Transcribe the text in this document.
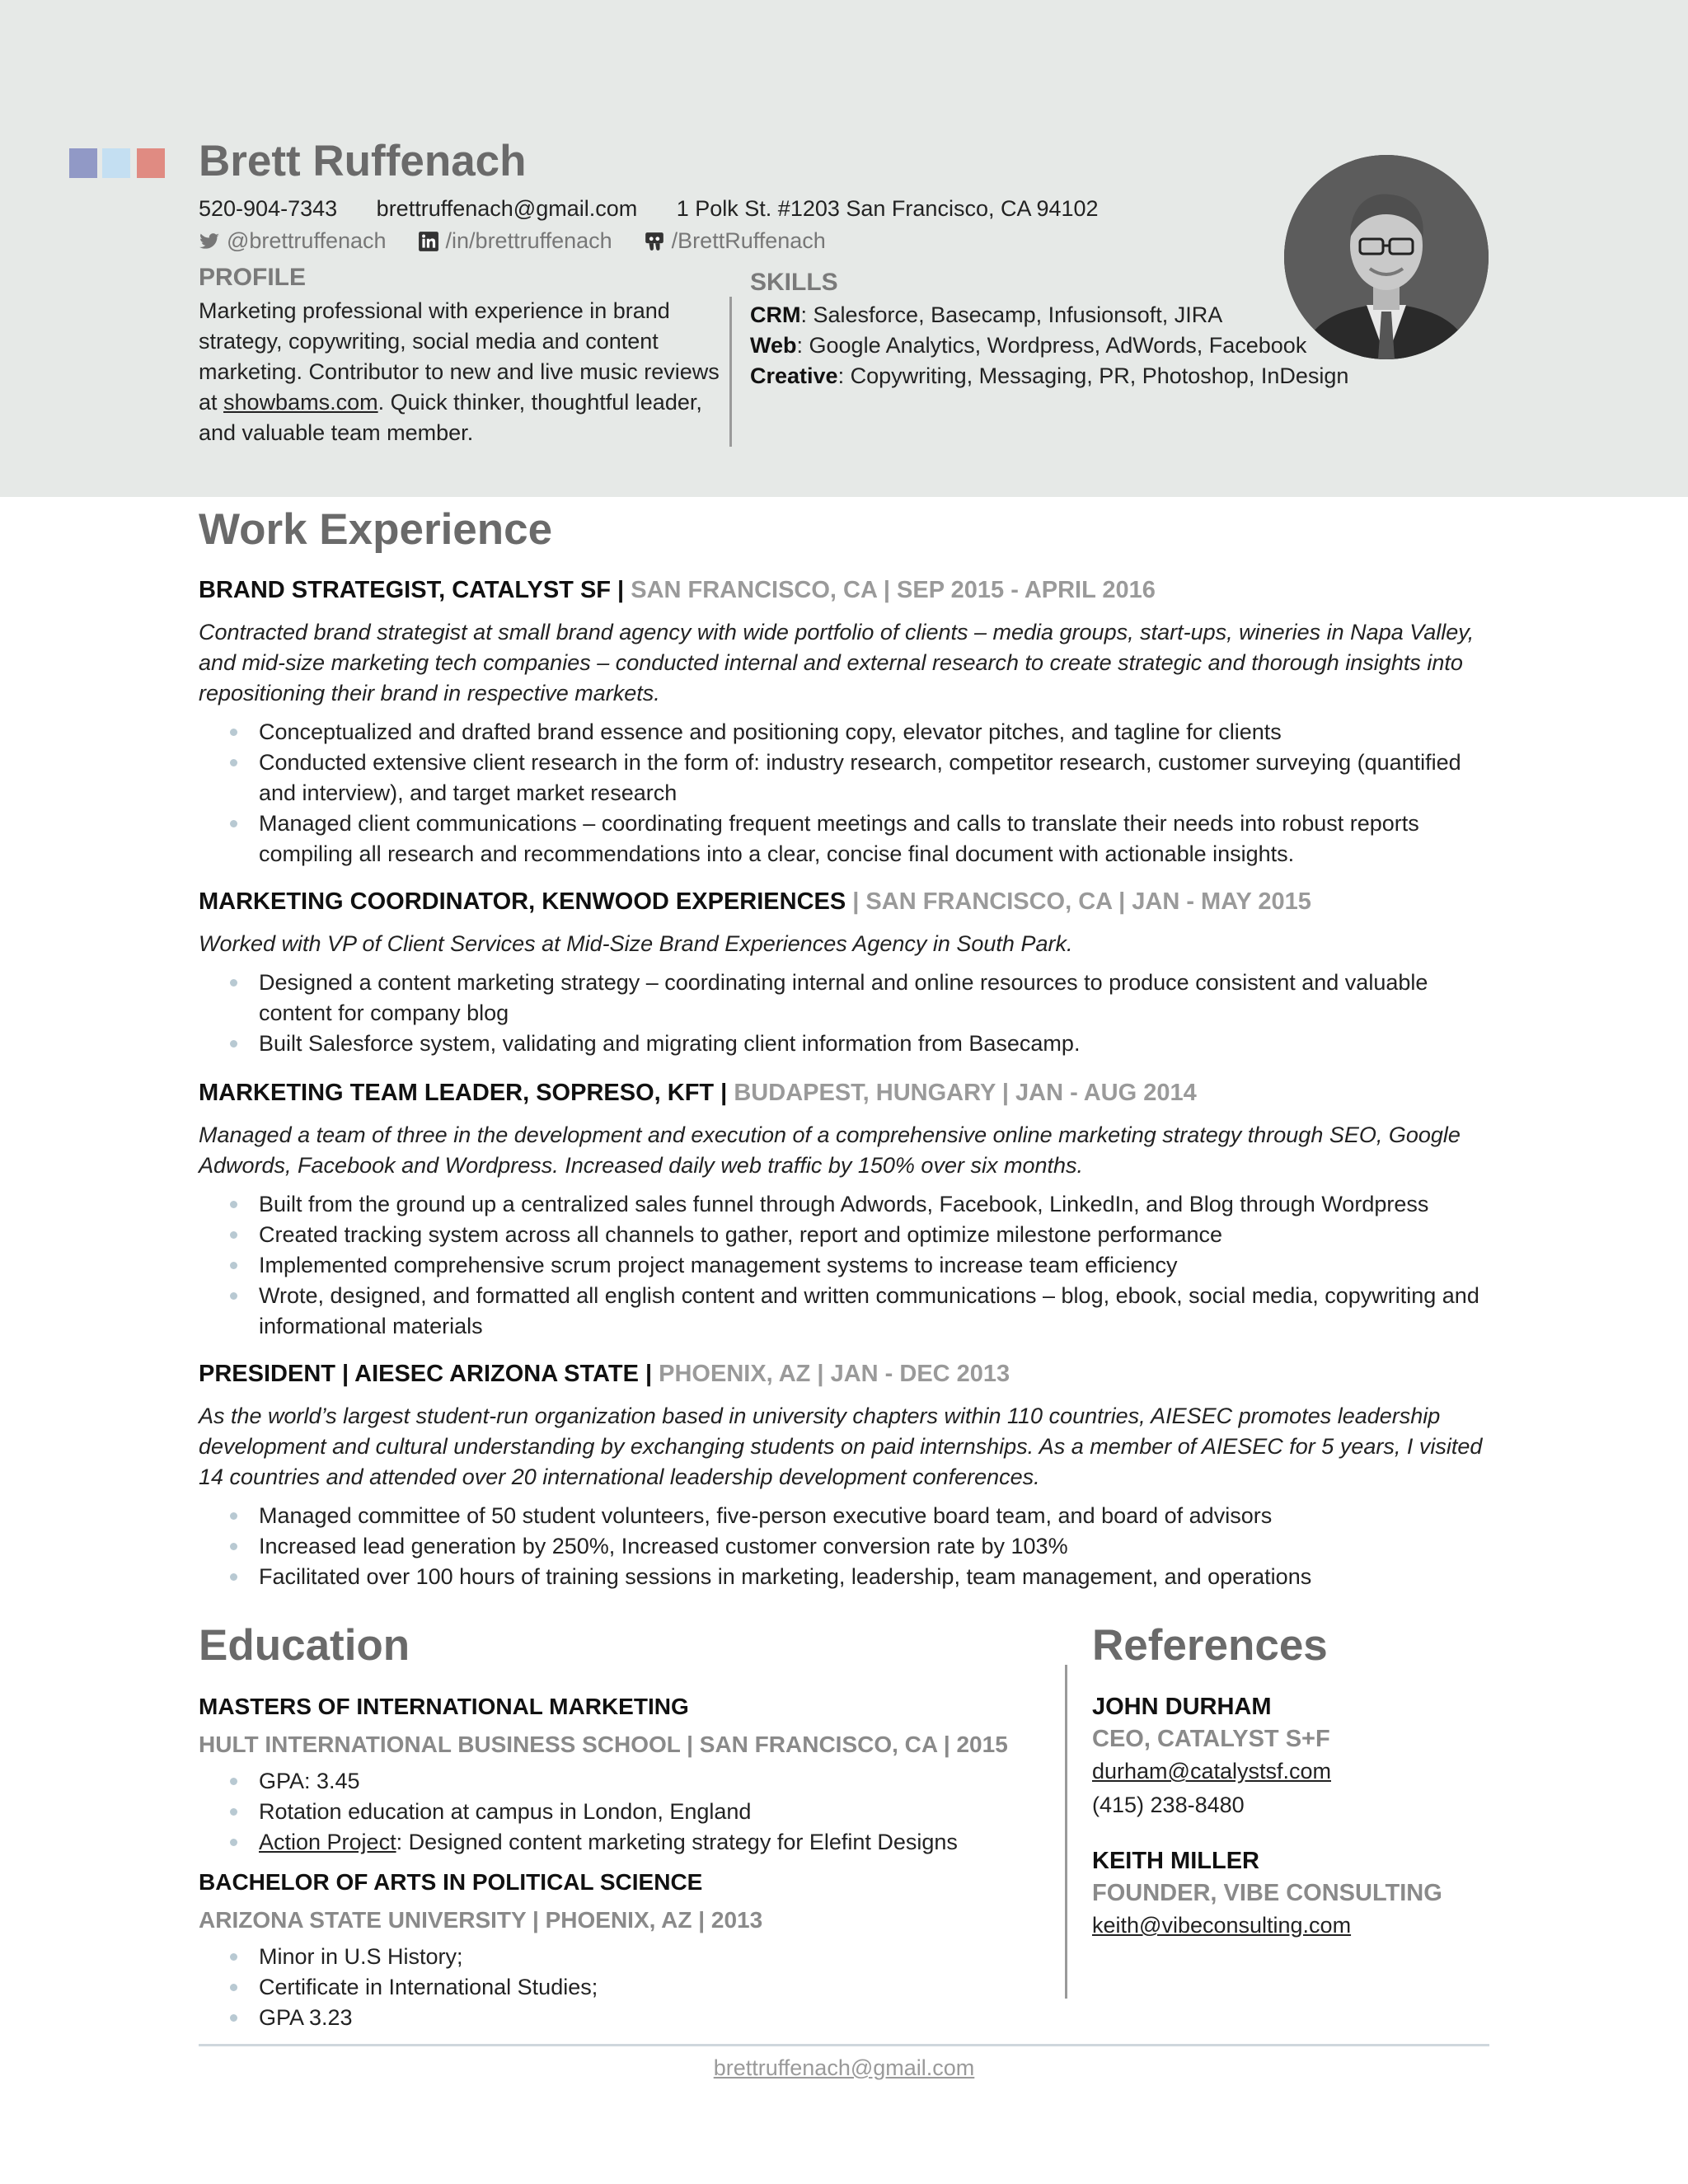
Brett Ruffenach
520-904-7343 brettruffenach@gmail.com 1 Polk St. #1203 San Francisco, CA 94102
@brettruffenach	/in/brettruffenach	/BrettRuffenach
PROFILE
Marketing professional with experience in brand strategy, copywriting, social media and content marketing. Contributor to new and live music reviews at showbams.com. Quick thinker, thoughtful leader, and valuable team member.
SKILLS
CRM: Salesforce, Basecamp, Infusionsoft, JIRA
Web: Google Analytics, Wordpress, AdWords, Facebook
Creative: Copywriting, Messaging, PR, Photoshop, InDesign
Work Experience
BRAND STRATEGIST, CATALYST SF | SAN FRANCISCO, CA | SEP 2015 - APRIL 2016
Contracted brand strategist at small brand agency with wide portfolio of clients – media groups, start-ups, wineries in Napa Valley, and mid-size marketing tech companies – conducted internal and external research to create strategic and thorough insights into repositioning their brand in respective markets.
Conceptualized and drafted brand essence and positioning copy, elevator pitches, and tagline for clients
Conducted extensive client research in the form of: industry research, competitor research, customer surveying (quantified and interview), and target market research
Managed client communications – coordinating frequent meetings and calls to translate their needs into robust reports compiling all research and recommendations into a clear, concise final document with actionable insights.
MARKETING COORDINATOR, KENWOOD EXPERIENCES | SAN FRANCISCO, CA | JAN - MAY 2015
Worked with VP of Client Services at Mid-Size Brand Experiences Agency in South Park.
Designed a content marketing strategy – coordinating internal and online resources to produce consistent and valuable content for company blog
Built Salesforce system, validating and migrating client information from Basecamp.
MARKETING TEAM LEADER, SOPRESO, KFT | BUDAPEST, HUNGARY | JAN - AUG 2014
Managed a team of three in the development and execution of a comprehensive online marketing strategy through SEO, Google Adwords, Facebook and Wordpress. Increased daily web traffic by 150% over six months.
Built from the ground up a centralized sales funnel through Adwords, Facebook, LinkedIn, and Blog through Wordpress
Created tracking system across all channels to gather, report and optimize milestone performance
Implemented comprehensive scrum project management systems to increase team efficiency
Wrote, designed, and formatted all english content and written communications – blog, ebook, social media, copywriting and informational materials
PRESIDENT | AIESEC ARIZONA STATE | PHOENIX, AZ | JAN - DEC 2013
As the world’s largest student-run organization based in university chapters within 110 countries, AIESEC promotes leadership development and cultural understanding by exchanging students on paid internships. As a member of AIESEC for 5 years, I visited 14 countries and attended over 20 international leadership development conferences.
Managed committee of 50 student volunteers, five-person executive board team, and board of advisors
Increased lead generation by 250%, Increased customer conversion rate by 103%
Facilitated over 100 hours of training sessions in marketing, leadership, team management, and operations
Education	References
MASTERS OF INTERNATIONAL MARKETING
HULT INTERNATIONAL BUSINESS SCHOOL | SAN FRANCISCO, CA | 2015
GPA: 3.45
Rotation education at campus in London, England
Action Project: Designed content marketing strategy for Elefint Designs
BACHELOR OF ARTS IN POLITICAL SCIENCE
ARIZONA STATE UNIVERSITY | PHOENIX, AZ | 2013
Minor in U.S History;
Certificate in International Studies;
GPA 3.23
JOHN DURHAM
CEO, CATALYST S+F
durham@catalystsf.com
(415) 238-8480
KEITH MILLER
FOUNDER, VIBE CONSULTING
keith@vibeconsulting.com
brettruffenach@gmail.com
